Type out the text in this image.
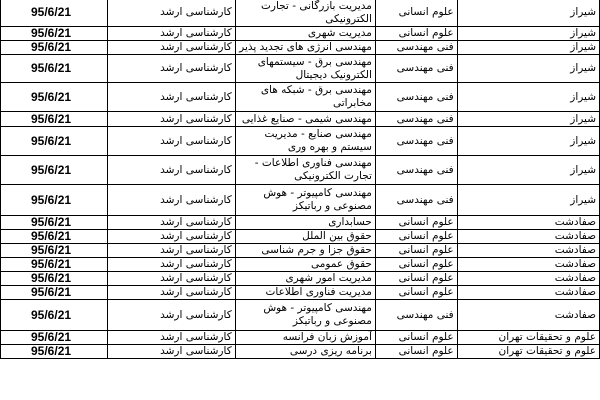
95/6/21	کارشناسی ارشد	مدیریت بازرگانی - تجارت الکترونیکی	علوم انسانی	شیراز
95/6/21	کارشناسی ارشد	مدیریت شهری	علوم انسانی	شیراز
95/6/21	کارشناسی ارشد	مهندسی انرژی های تجدید پذیر	فنی مهندسی	شیراز
95/6/21	کارشناسی ارشد	مهندسی برق - سیستمهای الکترونیک دیجیتال	فنی مهندسی	شیراز
95/6/21	کارشناسی ارشد	مهندسی برق - شبکه های مخابراتی	فنی مهندسی	شیراز
95/6/21	کارشناسی ارشد	مهندسی شیمی - صنایع غذایی	فنی مهندسی	شیراز
95/6/21	کارشناسی ارشد	مهندسی صنایع - مدیریت سیستم و بهره وری	فنی مهندسی	شیراز
95/6/21	کارشناسی ارشد	مهندسی فناوری اطلاعات - تجارت الکترونیکی	فنی مهندسی	شیراز
95/6/21	کارشناسی ارشد	مهندسی کامپیوتر - هوش مصنوعی و رباتیکز	فنی مهندسی	شیراز
95/6/21	کارشناسی ارشد	حسابداری	علوم انسانی	صفادشت
95/6/21	کارشناسی ارشد	حقوق بین الملل	علوم انسانی	صفادشت
95/6/21	کارشناسی ارشد	حقوق جزا و جرم شناسی	علوم انسانی	صفادشت
95/6/21	کارشناسی ارشد	حقوق عمومی	علوم انسانی	صفادشت
95/6/21	کارشناسی ارشد	مدیریت امور شهری	علوم انسانی	صفادشت
95/6/21	کارشناسی ارشد	مدیریت فناوری اطلاعات	علوم انسانی	صفادشت
95/6/21	کارشناسی ارشد	مهندسی کامپیوتر - هوش مصنوعی و رباتیکز	فنی مهندسی	صفادشت
95/6/21	کارشناسی ارشد	آموزش زبان فرانسه	علوم انسانی	علوم و تحقیقات تهران
95/6/21	کارشناسی ارشد	برنامه ریزی درسی	علوم انسانی	علوم و تحقیقات تهران
